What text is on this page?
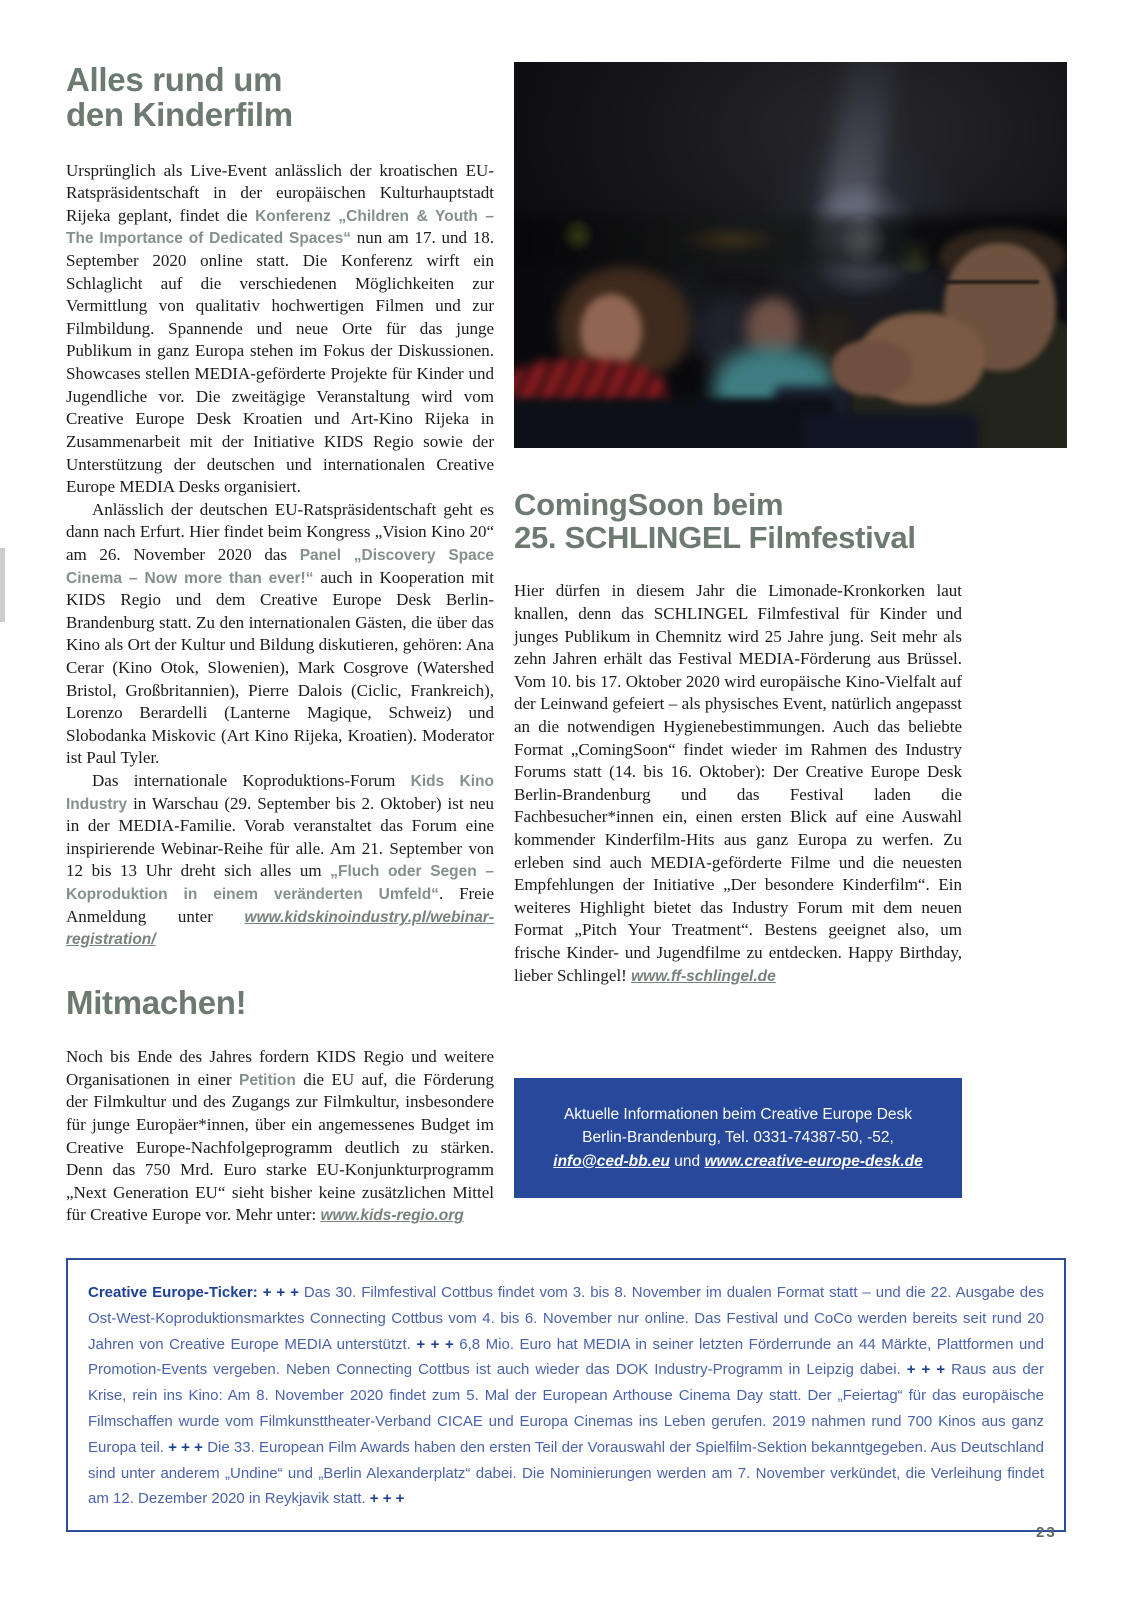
Alles rund um
den Kinderfilm

Ursprünglich als Live-Event anlässlich der kroatischen EU-Ratspräsidentschaft in der europäischen Kulturhauptstadt Rijeka geplant, findet die Konferenz „Children & Youth – The Importance of Dedicated Spaces“ nun am 17. und 18. September 2020 online statt. Die Konferenz wirft ein Schlaglicht auf die verschiedenen Möglichkeiten zur Vermittlung von qualitativ hochwertigen Filmen und zur Filmbildung. Spannende und neue Orte für das junge Publikum in ganz Europa stehen im Fokus der Diskussionen. Showcases stellen MEDIA-geförderte Projekte für Kinder und Jugendliche vor. Die zweitägige Veranstaltung wird vom Creative Europe Desk Kroatien und Art-Kino Rijeka in Zusammenarbeit mit der Initiative KIDS Regio sowie der Unterstützung der deutschen und internationalen Creative Europe MEDIA Desks organisiert.

Anlässlich der deutschen EU-Ratspräsidentschaft geht es dann nach Erfurt. Hier findet beim Kongress „Vision Kino 20“ am 26. November 2020 das Panel „Discovery Space Cinema – Now more than ever!“ auch in Kooperation mit KIDS Regio und dem Creative Europe Desk Berlin-Brandenburg statt. Zu den internationalen Gästen, die über das Kino als Ort der Kultur und Bildung diskutieren, gehören: Ana Cerar (Kino Otok, Slowenien), Mark Cosgrove (Watershed Bristol, Großbritannien), Pierre Dalois (Ciclic, Frankreich), Lorenzo Berardelli (Lanterne Magique, Schweiz) und Slobodanka Miskovic (Art Kino Rijeka, Kroatien). Moderator ist Paul Tyler.

Das internationale Koproduktions-Forum Kids Kino Industry in Warschau (29. September bis 2. Oktober) ist neu in der MEDIA-Familie. Vorab veranstaltet das Forum eine inspirierende Webinar-Reihe für alle. Am 21. September von 12 bis 13 Uhr dreht sich alles um „Fluch oder Segen – Koproduktion in einem veränderten Umfeld“. Freie Anmeldung unter www.kidskinoindustry.pl/webinar-registration/

Mitmachen!

Noch bis Ende des Jahres fordern KIDS Regio und weitere Organisationen in einer Petition die EU auf, die Förderung der Filmkultur und des Zugangs zur Filmkultur, insbesondere für junge Europäer*innen, über ein angemessenes Budget im Creative Europe-Nachfolgeprogramm deutlich zu stärken. Denn das 750 Mrd. Euro starke EU-Konjunkturprogramm „Next Generation EU“ sieht bisher keine zusätzlichen Mittel für Creative Europe vor. Mehr unter: www.kids-regio.org

ComingSoon beim
25. SCHLINGEL Filmfestival

Hier dürfen in diesem Jahr die Limonade-Kronkorken laut knallen, denn das SCHLINGEL Filmfestival für Kinder und junges Publikum in Chemnitz wird 25 Jahre jung. Seit mehr als zehn Jahren erhält das Festival MEDIA-Förderung aus Brüssel. Vom 10. bis 17. Oktober 2020 wird europäische Kino-Vielfalt auf der Leinwand gefeiert – als physisches Event, natürlich angepasst an die notwendigen Hygienebestimmungen. Auch das beliebte Format „ComingSoon“ findet wieder im Rahmen des Industry Forums statt (14. bis 16. Oktober): Der Creative Europe Desk Berlin-Brandenburg und das Festival laden die Fachbesucher*innen ein, einen ersten Blick auf eine Auswahl kommender Kinderfilm-Hits aus ganz Europa zu werfen. Zu erleben sind auch MEDIA-geförderte Filme und die neuesten Empfehlungen der Initiative „Der besondere Kinderfilm“. Ein weiteres Highlight bietet das Industry Forum mit dem neuen Format „Pitch Your Treatment“. Bestens geeignet also, um frische Kinder- und Jugendfilme zu entdecken. Happy Birthday, lieber Schlingel! www.ff-schlingel.de

Aktuelle Informationen beim Creative Europe Desk
Berlin-Brandenburg, Tel. 0331-74387-50, -52,
info@ced-bb.eu und www.creative-europe-desk.de
Creative Europe-Ticker: + + + Das 30. Filmfestival Cottbus findet vom 3. bis 8. November im dualen Format statt – und die 22. Ausgabe des Ost-West-Koproduktionsmarktes Connecting Cottbus vom 4. bis 6. November nur online. Das Festival und CoCo werden bereits seit rund 20 Jahren von Creative Europe MEDIA unterstützt. + + + 6,8 Mio. Euro hat MEDIA in seiner letzten Förderrunde an 44 Märkte, Plattformen und Promotion-Events vergeben. Neben Connecting Cottbus ist auch wieder das DOK Industry-Programm in Leipzig dabei. + + + Raus aus der Krise, rein ins Kino: Am 8. November 2020 findet zum 5. Mal der European Arthouse Cinema Day statt. Der „Feiertag“ für das europäische Filmschaffen wurde vom Filmkunsttheater-Verband CICAE und Europa Cinemas ins Leben gerufen. 2019 nahmen rund 700 Kinos aus ganz Europa teil. + + + Die 33. European Film Awards haben den ersten Teil der Vorauswahl der Spielfilm-Sektion bekanntgegeben. Aus Deutschland sind unter anderem „Undine“ und „Berlin Alexanderplatz“ dabei. Die Nominierungen werden am 7. November verkündet, die Verleihung findet am 12. Dezember 2020 in Reykjavik statt. + + +
23
